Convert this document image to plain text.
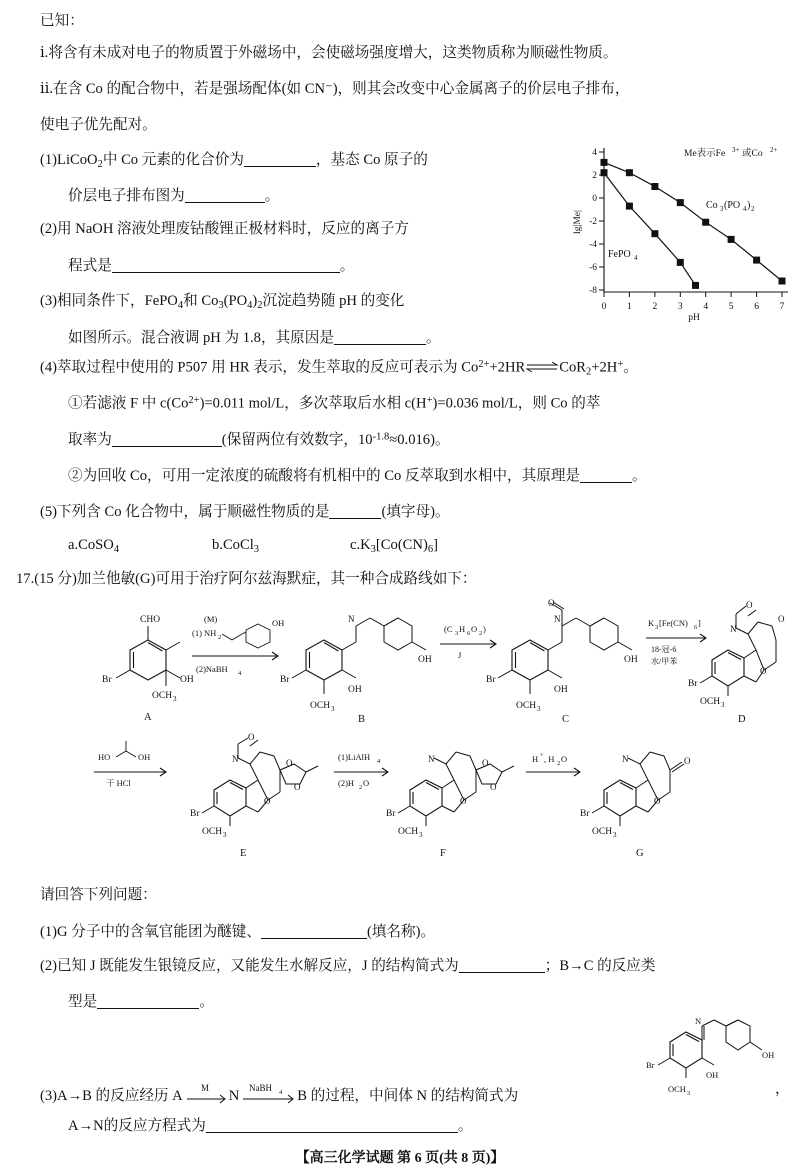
已知：
ⅰ.将含有未成对电子的物质置于外磁场中，会使磁场强度增大，这类物质称为顺磁性物质。
ⅱ.在含 Co 的配合物中，若是强场配体(如 CN⁻)，则其会改变中心金属离子的价层电子排布，
使电子优先配对。
(1)LiCoO$_2$中 Co 元素的化合价为	，基态 Co 原子的
价层电子排布图为	。
(2)用 NaOH 溶液处理废钴酸锂正极材料时，反应的离子方
程式是	。
(3)相同条件下，FePO$_4$和 $Co_3(PO_4)_2$沉淀趋势随 pH 的变化
如图所示。混合液调 pH 为 1.8，其原因是	。
4
2
0
-2
-4
-6
-8
lg|Me|
0 1 2 3 4 5 6 7
pH
Me表示Fe 3+ 或Co 2+
FePO 4
Co 3 (PO 4 ) 2
(4)萃取过程中使用的 P507 用 HR 表示，发生萃取的反应可表示为 $Co^{2+}+2HR\rightleftharpoons CoR_2+2H^+$。
①若滤液 F 中 $c(Co^{2+})=0.011$ mol/L，多次萃取后水相 c(H+)=0.036 mol/L，则 Co 的萃
取率为	(保留两位有效数字，$10^{-1.8}\approx 0.016$)。
②为回收 Co，可用一定浓度的硫酸将有机相中的 Co 反萃取到水相中，其原理是	。
(5)下列含 Co 化合物中，属于顺磁性物质的是	(填字母)。
a.CoSO$_4$	b.CoCl$_3$	$c.K_3[Co(CN)_6]$
17.(15 分)加兰他敏(G)可用于治疗阿尔兹海默症，其一种合成路线如下：
CHO
Br	OH
OCH 3
A
(M)
(1) NH 2
OH
(2)NaBH 4
N
Br
OH
OCH 3
OH
B
(C 3 H 6 O 2 )
J
N
O
Br
OH
OCH 3
OH
C
K 3 [Fe(CN) 6 ]
18-冠-6
水/甲苯
N
O
O
Br
O
OCH 3
D
HO	OH
干 HCl
N
O
O
O
Br
O
OCH 3
E
(1)LiAlH 4
(2)H 2 O
N	O
O
Br
O
OCH 3
F
H + , H 2 O	N	O
Br
O
OCH 3
G
请回答下列问题：
(1)G 分子中的含氧官能团为醚键、	(填名称)。
(2)已知 J 既能发生银镜反应，又能发生水解反应，J 的结构简式为	；B→C 的反应类
型是	。
N
Br
OH
OCH 3
OH
(3)A→B 的反应经历 A
M
N
NaBH 4 B 的过程，中间体 N 的结构简式为	，
A→N的反应方程式为	。
【高三化学试题 第 6 页(共 8 页)】
